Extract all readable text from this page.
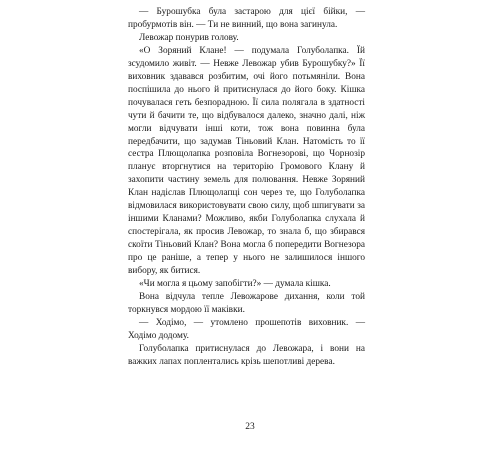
— Бурошубка була застарою для цієї бійки, — пробурмотів він. — Ти не винний, що вона загинула.

Левожар понурив голову.

«О Зоряний Клане! — подумала Голуболапка. Їй зсудомило живіт. — Невже Левожар убив Бурошубку?» Її виховник здавався розбитим, очі його потьмяніли. Вона поспішила до нього й притиснулася до його боку. Кішка почувалася геть безпорадною. Її сила полягала в здатності чути й бачити те, що відбувалося далеко, значно далі, ніж могли відчувати інші коти, тож вона повинна була передбачити, що задумав Тіньовий Клан. Натомість то її сестра Плющолапка розповіла Вогнезорові, що Чорнозір планує вторгнутися на територію Громового Клану й захопити частину земель для полювання. Невже Зоряний Клан надіслав Плющолапці сон через те, що Голуболапка відмовилася використовувати свою силу, щоб шпигувати за іншими Кланами? Можливо, якби Голуболапка слухала й спостерігала, як просив Левожар, то знала б, що збирався скоїти Тіньовий Клан? Вона могла б попередити Вогнезора про це раніше, а тепер у нього не залишилося іншого вибору, як битися.

«Чи могла я цьому запобігти?» — думала кішка.

Вона відчула тепле Левожарове дихання, коли той торкнувся мордою її маківки.

— Ходімо, — утомлено прошепотів виховник. — Ходімо додому.

Голуболапка притиснулася до Левожара, і вони на важких лапах поплентались крізь шепотливі дерева.

23
